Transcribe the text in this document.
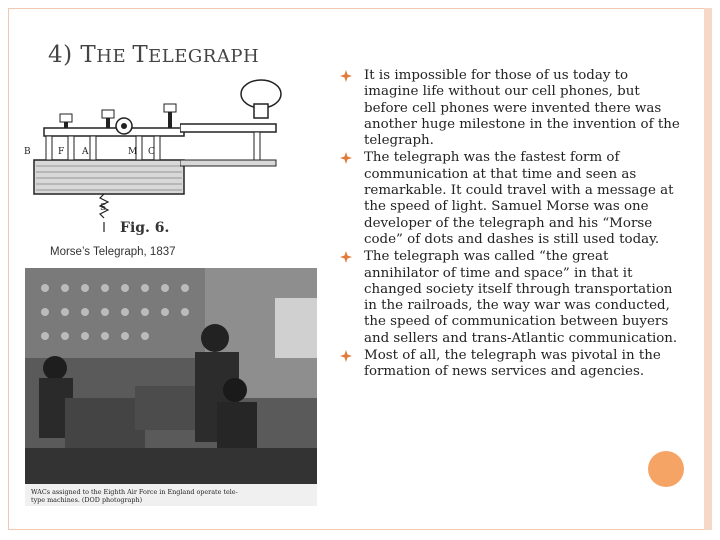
4) THE TELEGRAPH
B	F A	M C
S
Fig. 6.
Morse’s Telegraph, 1837
WACs assigned to the Eighth Air Force in England operate tele-
type machines. (DOD photograph)
It is impossible for those of us today to imagine life without our cell phones, but before cell phones were invented there was another huge milestone in the invention of the telegraph.
The telegraph was the fastest form of communication at that time and seen as remarkable. It could travel with a message at the speed of light. Samuel Morse was one developer of the telegraph and his “Morse code” of dots and dashes is still used today.
The telegraph was called “the great annihilator of time and space” in that it changed society itself through transportation in the railroads, the way war was conducted, the speed of communication between buyers and sellers and trans-Atlantic communication.
Most of all, the telegraph was pivotal in the formation of news services and agencies.
